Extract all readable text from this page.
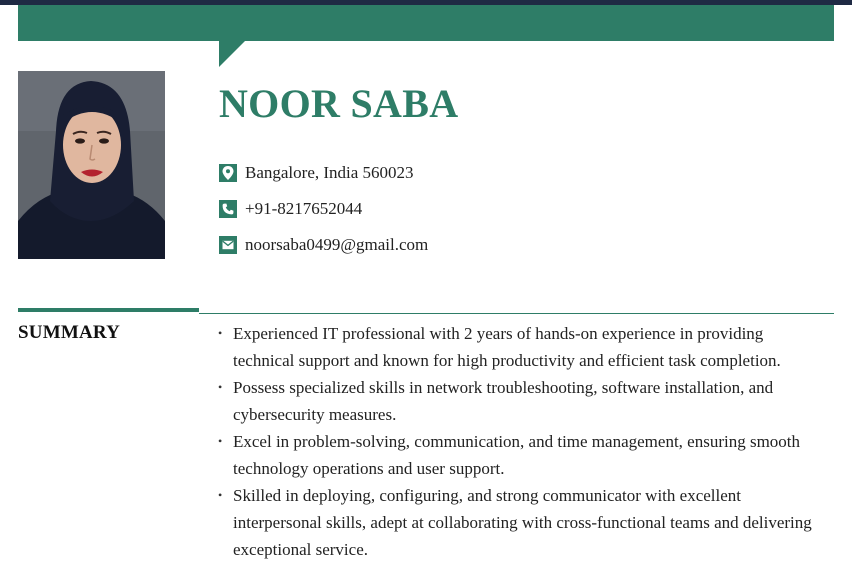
NOOR SABA
Bangalore, India 560023
+91-8217652044
noorsaba0499@gmail.com
SUMMARY
•	Experienced IT professional with 2 years of hands-on experience in providing technical support and known for high productivity and efficient task completion.
• Possess specialized skills in network troubleshooting, software installation, and cybersecurity measures.
• Excel in problem-solving, communication, and time management, ensuring smooth technology operations and user support.
• Skilled in deploying, configuring, and strong communicator with excellent interpersonal skills, adept at collaborating with cross-functional teams and delivering exceptional service.
